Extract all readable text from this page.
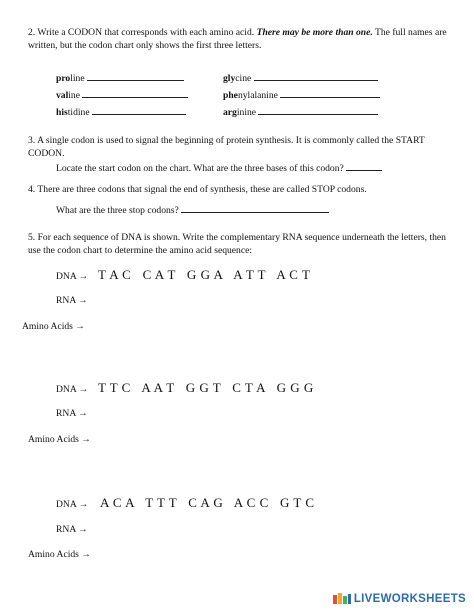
2. Write a CODON that corresponds with each amino acid. There may be more than one. The full names are
written, but the codon chart only shows the first three letters.
proline	glycine
valine	phenylalanine
histidine	arginine
3. A single codon is used to signal the beginning of protein synthesis. It is commonly called the START
CODON.
Locate the start codon on the chart. What are the three bases of this codon?
4. There are three codons that signal the end of synthesis, these are called STOP codons.
What are the three stop codons?
5. For each sequence of DNA is shown. Write the complementary RNA sequence underneath the letters, then
use the codon chart to determine the amino acid sequence:
DNA → T A C   C A T   G G A   A T T   A C T
RNA →
Amino Acids →
DNA → T T C   A A T   G G T   C T A   G G G
RNA →
Amino Acids →
DNA → A C A   T T T   C A G   A C C   G T C
RNA →
Amino Acids →
LIVE WORKSHEETS
